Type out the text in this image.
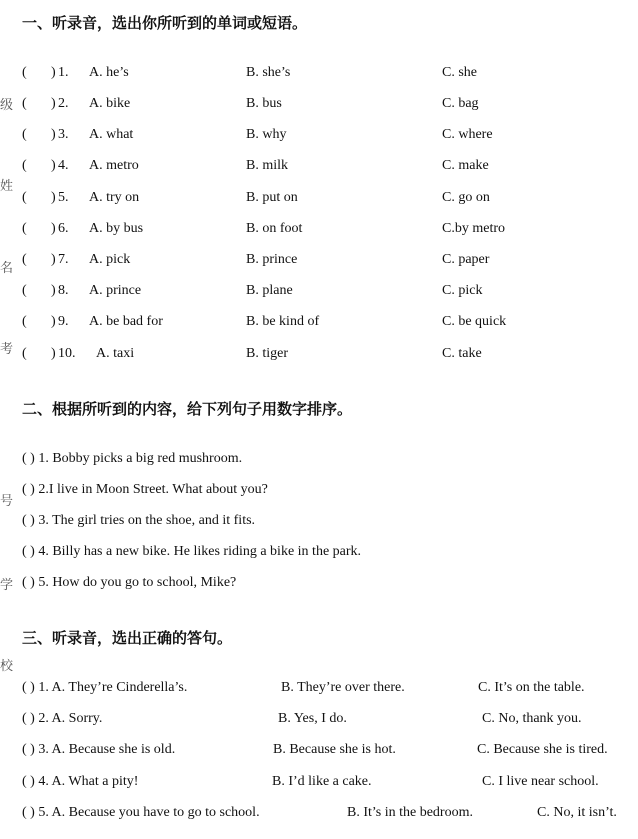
级
姓
名
考
号
学
校
一、听录音，选出你所听到的单词或短语。
( ) 1. A. he’s	B. she’s	C. she
( ) 2. A. bike	B. bus	C. bag
( ) 3. A. what	B. why	C. where
( ) 4. A. metro	B. milk	C. make
( ) 5. A. try on	B. put on	C. go on
( ) 6. A. by bus	B. on foot	C.by metro
( ) 7. A. pick	B. prince	C. paper
( ) 8. A. prince	B. plane	C. pick
( ) 9. A. be bad for	B. be kind of	C. be quick
( ) 10. A. taxi	B. tiger	C. take
二、根据所听到的内容，给下列句子用数字排序。
( ) 1. Bobby picks a big red mushroom.
( ) 2.I live in Moon Street. What about you?
( ) 3. The girl tries on the shoe, and it fits.
( ) 4. Billy has a new bike. He likes riding a bike in the park.
( ) 5. How do you go to school, Mike?
三、听录音，选出正确的答句。
( ) 1. A. They’re Cinderella’s.	B. They’re over there.	C. It’s on the table.
( ) 2. A. Sorry.	B. Yes, I do.	C. No, thank you.
( ) 3. A. Because she is old.	B. Because she is hot.	C. Because she is tired.
( ) 4. A. What a pity!	B. I’d like a cake.	C. I live near school.
( ) 5. A. Because you have to go to school.	B. It’s in the bedroom.	C. No, it isn’t.
